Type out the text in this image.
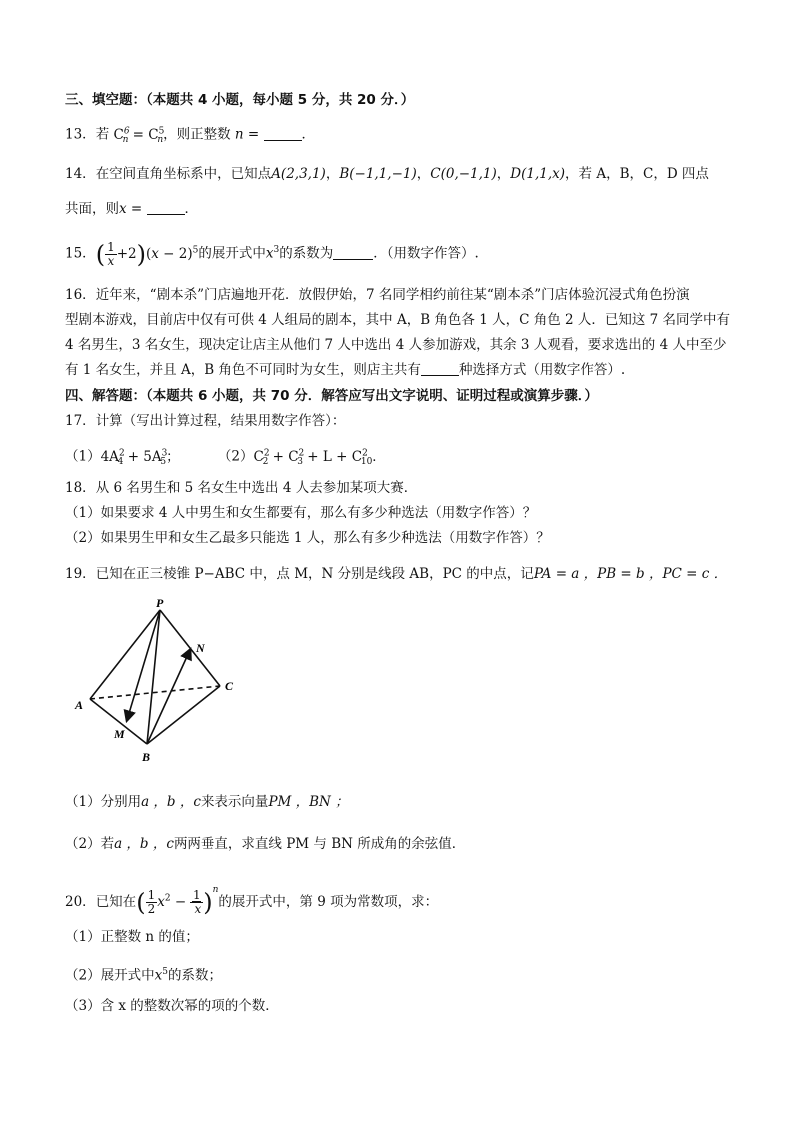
三、填空题：（本题共 4 小题，每小题 5 分，共 20 分．）
13．若 $C^6_n = C^5_n$，则正整数 n =	．
14．在空间直角坐标系中，已知点A(2,3,1)，B(−1,1,−1)，C(0,−1,1)，D(1,1,x)，若 A，B，C，D 四点
共面，则x =	．
15．( $\frac{1}{x} +2)(x - 2)^5$的展开式中$x^3$的系数为	．（用数字作答）.
16．近年来，“剧本杀”门店遍地开花．放假伊始，7 名同学相约前往某“剧本杀”门店体验沉浸式角色扮演
型剧本游戏，目前店中仅有可供 4 人组局的剧本，其中 A，B 角色各 1 人，C 角色 2 人．已知这 7 名同学中有
4 名男生，3 名女生，现决定让店主从他们 7 人中选出 4 人参加游戏，其余 3 人观看，要求选出的 4 人中至少
有 1 名女生，并且 A，B 角色不可同时为女生，则店主共有	种选择方式（用数字作答）.
四、解答题：（本题共 6 小题，共 70 分．解答应写出文字说明、证明过程或演算步骤．）
17．计算（写出计算过程，结果用数字作答）：
$(1)4A^2_4 + 5A^3_5$；	$(2)C^2_2 + C^2_3 + L + C^2_{10}$．
18．从 6 名男生和 5 名女生中选出 4 人去参加某项大赛．
（1）如果要求 4 人中男生和女生都要有，那么有多少种选法（用数字作答）？
（2）如果男生甲和女生乙最多只能选 1 人，那么有多少种选法（用数字作答）？
19．已知在正三棱锥 P−ABC 中，点 M，N 分别是线段 AB，PC 的中点，记PA = a ，PB = b ，PC = c ．
P
N
C
A
M
B
（1）分别用a ，b ，c来表示向量PM ，BN ；
（2）若a ，b ，c两两垂直，求直线 PM 与 BN 所成角的余弦值．
20．已知在( $\frac{1}{2} x^2 - \frac{1}{x} )^n$的展开式中，第 9 项为常数项，求：
（1）正整数 n 的值；
（2）展开式中$x^5$的系数；
（3）含 x 的整数次幂的项的个数．
